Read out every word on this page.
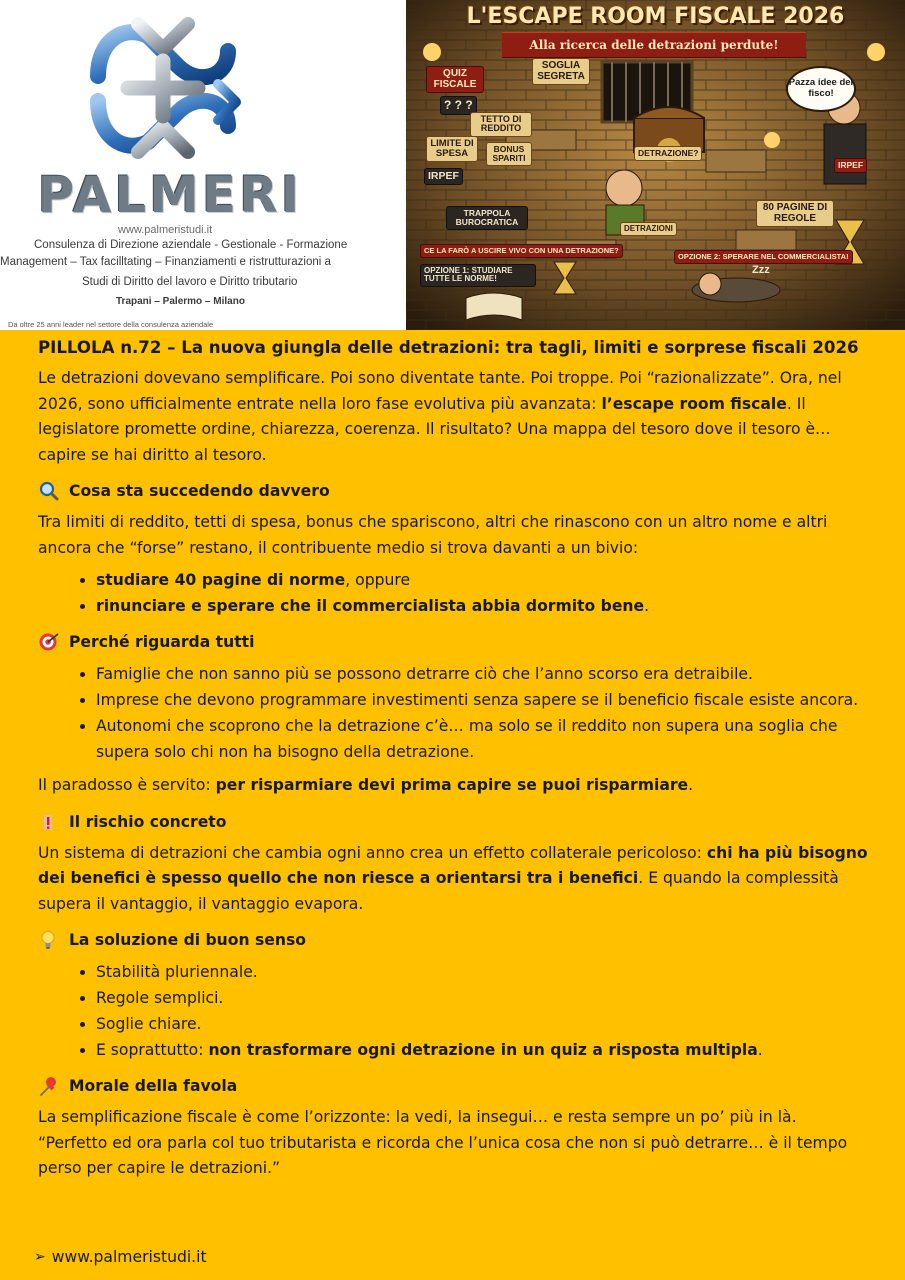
PALMERI
www.palmeristudi.it
Consulenza di Direzione aziendale - Gestionale - Formazione
Management – Tax facilltating – Finanziamenti e ristrutturazioni a
Studi di Diritto del lavoro e Diritto tributario
Trapani – Palermo – Milano
Da oltre 25 anni leader nel settore della consulenza aziendale
L'ESCAPE ROOM FISCALE 2026
Alla ricerca delle detrazioni perdute!
QUIZ FISCALE
? ? ?
SOGLIA SEGRETA
TETTO DI REDDITO
LIMITE DI SPESA	BONUS SPARITI
IRPEF
DETRAZIONE?
DETRAZIONI
IRPEF
TRAPPOLA BUROCRATICA
80 PAGINE DI REGOLE
Pazza idee del fisco!
CE LA FARÒ A USCIRE VIVO CON UNA DETRAZIONE?
OPZIONE 1: STUDIARE TUTTE LE NORME!
OPZIONE 2: SPERARE NEL COMMERCIALISTA!
Zzz
PILLOLA n.72 – La nuova giungla delle detrazioni: tra tagli, limiti e sorprese fiscali 2026

Le detrazioni dovevano semplificare. Poi sono diventate tante. Poi troppe. Poi “razionalizzate”. Ora, nel 2026, sono ufficialmente entrate nella loro fase evolutiva più avanzata: l’escape room fiscale. Il legislatore promette ordine, chiarezza, coerenza. Il risultato? Una mappa del tesoro dove il tesoro è… capire se hai diritto al tesoro.

Cosa sta succedendo davvero

Tra limiti di reddito, tetti di spesa, bonus che spariscono, altri che rinascono con un altro nome e altri ancora che “forse” restano, il contribuente medio si trova davanti a un bivio:

• studiare 40 pagine di norme, oppure
• rinunciare e sperare che il commercialista abbia dormito bene.
Perché riguarda tutti
• Famiglie che non sanno più se possono detrarre ciò che l’anno scorso era detraibile.
• Imprese che devono programmare investimenti senza sapere se il beneficio fiscale esiste ancora.
• Autonomi che scoprono che la detrazione c’è… ma solo se il reddito non supera una soglia che supera solo chi non ha bisogno della detrazione.

Il paradosso è servito: per risparmiare devi prima capire se puoi risparmiare.

Il rischio concreto

Un sistema di detrazioni che cambia ogni anno crea un effetto collaterale pericoloso: chi ha più bisogno dei benefici è spesso quello che non riesce a orientarsi tra i benefici. E quando la complessità supera il vantaggio, il vantaggio evapora.

La soluzione di buon senso
• Stabilità pluriennale.
• Regole semplici.
• Soglie chiare.
• E soprattutto: non trasformare ogni detrazione in un quiz a risposta multipla.
Morale della favola

La semplificazione fiscale è come l’orizzonte: la vedi, la insegui… e resta sempre un po’ più in là.

“Perfetto ed ora parla col tuo tributarista e ricorda che l’unica cosa che non si può detrarre… è il tempo perso per capire le detrazioni.”

➢ www.palmeristudi.it
